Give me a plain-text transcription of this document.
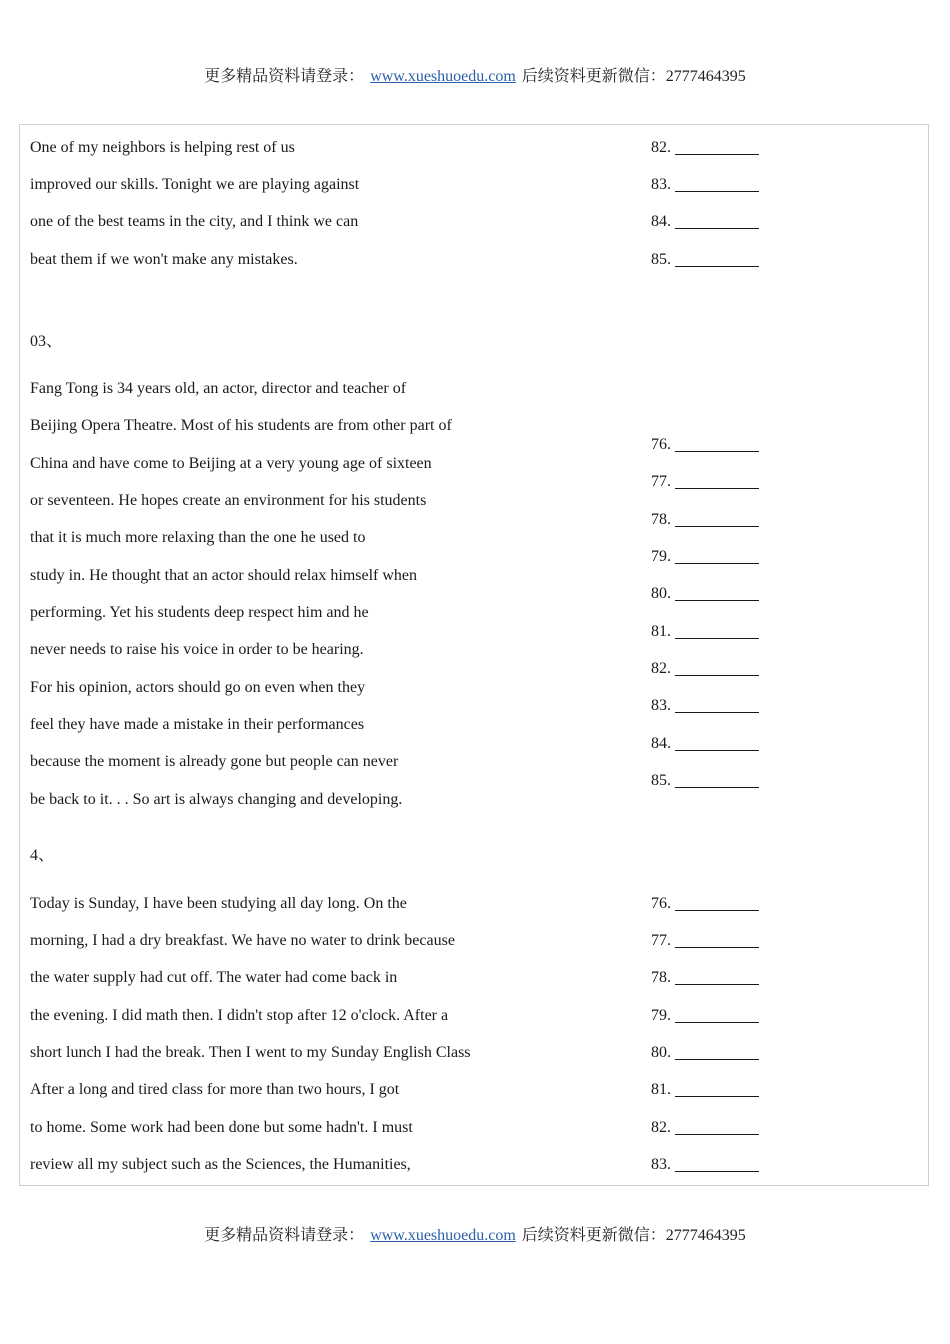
更多精品资料请登录： www.xueshuoedu.com 后续资料更新微信：2777464395
One of my neighbors is helping rest of us
improved our skills. Tonight we are playing against
one of the best teams in the city, and I think we can
beat them if we won't make any mistakes.
82.
83.
84.
85.
03、
Fang Tong is 34 years old, an actor, director and teacher of
Beijing Opera Theatre. Most of his students are from other part of
China and have come to Beijing at a very young age of sixteen
or seventeen. He hopes create an environment for his students
that it is much more relaxing than the one he used to
study in. He thought that an actor should relax himself when
performing. Yet his students deep respect him and he
never needs to raise his voice in order to be hearing.
For his opinion, actors should go on even when they
feel they have made a mistake in their performances
because the moment is already gone but people can never
be back to it. . . So art is always changing and developing.
76.
77.
78.
79.
80.
81.
82.
83.
84.
85.
4、
Today is Sunday, I have been studying all day long. On the
morning, I had a dry breakfast. We have no water to drink because
the water supply had cut off. The water had come back in
the evening. I did math then. I didn't stop after 12 o'clock. After a
short lunch I had the break. Then I went to my Sunday English Class
After a long and tired class for more than two hours, I got
to home. Some work had been done but some hadn't. I must
review all my subject such as the Sciences, the Humanities,
76.
77.
78.
79.
80.
81.
82.
83.
更多精品资料请登录： www.xueshuoedu.com 后续资料更新微信：2777464395
